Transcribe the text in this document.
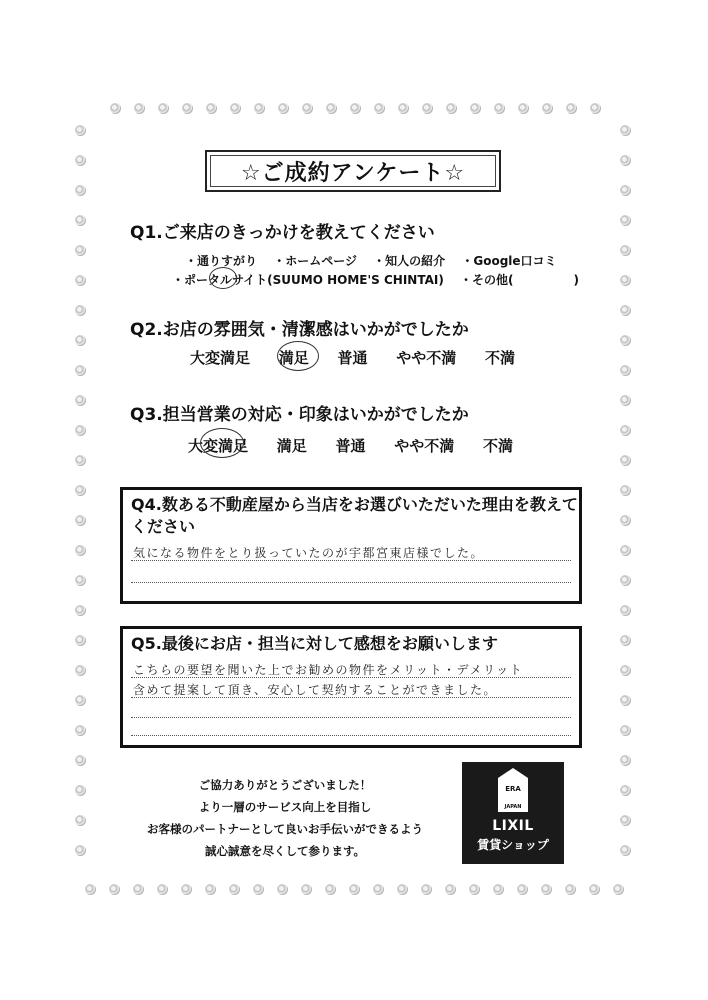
☆ご成約アンケート☆
Q1.ご来店のきっかけを教えてください
・通りすがり ・ホームページ ・知人の紹介 ・Google口コミ
・ポータルサイト(SUUMO HOME'S CHINTAI) ・その他(　　　　　)
Q2.お店の雰囲気・清潔感はいかがでしたか
大変満足 満足 普通 やや不満 不満
Q3.担当営業の対応・印象はいかがでしたか
大変満足 満足 普通 やや不満 不満
Q4.数ある不動産屋から当店をお選びいただいた理由を教えて
ください
気になる物件をとり扱っていたのが宇都宮東店様でした。
Q5.最後にお店・担当に対して感想をお願いします
こちらの要望を聞いた上でお勧めの物件をメリット・デメリット
含めて提案して頂き、安心して契約することができました。
ご協力ありがとうございました！
より一層のサービス向上を目指し
お客様のパートナーとして良いお手伝いができるよう
誠心誠意を尽くして参ります。
ERA
JAPAN
LIXIL
賃貸ショップ
